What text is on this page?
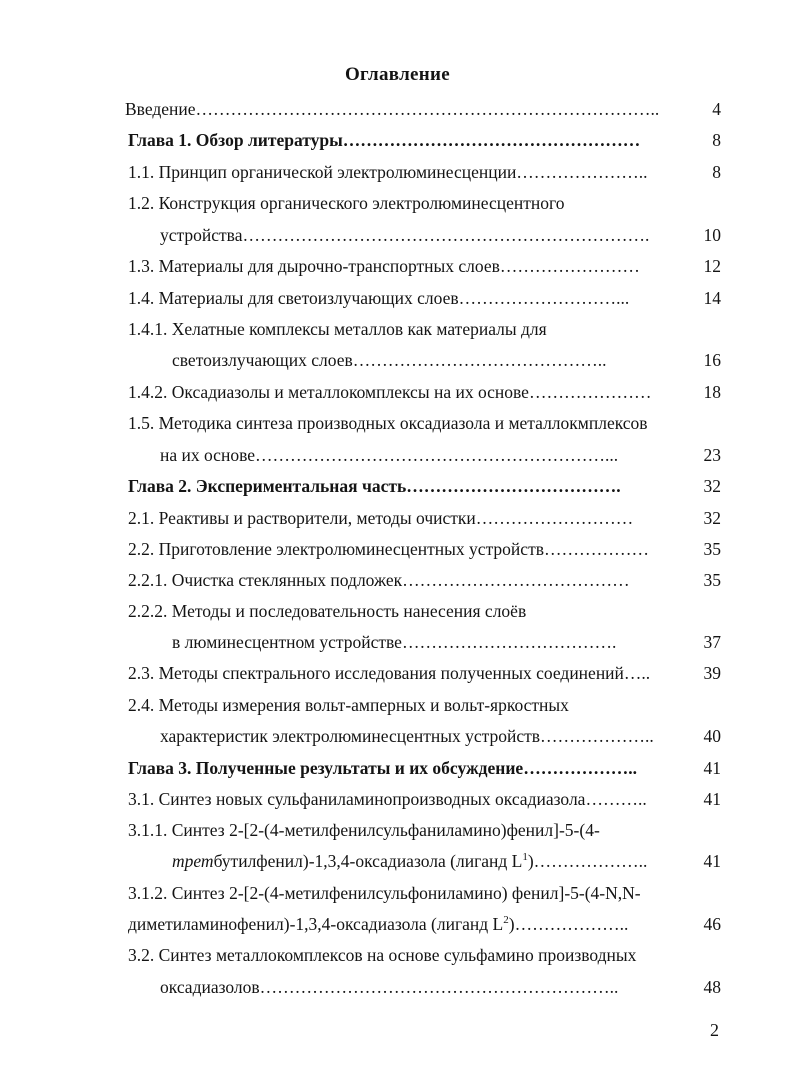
Оглавление
Введение……………………………………………………………………..	4
Глава 1. Обзор литературы……………………………………………	8
1.1. Принцип органической электролюминесценции…………………..	8
1.2. Конструкция органического электролюминесцентного
устройства…………………………………………………………….	10
1.3. Материалы для дырочно-транспортных слоев……………………	12
1.4. Материалы для светоизлучающих слоев………………………...	14
1.4.1. Хелатные комплексы металлов как материалы для
светоизлучающих слоев……………………………………..	16
1.4.2. Оксадиазолы и металлокомплексы на их основе…………………	18
1.5. Методика синтеза производных оксадиазола и металлокмплексов
на их основе……………………………………………………...	23
Глава 2. Экспериментальная часть……………………………….	32
2.1. Реактивы и растворители, методы очистки………………………	32
2.2. Приготовление электролюминесцентных устройств………………	35
2.2.1. Очистка стеклянных подложек…………………………………	35
2.2.2. Методы и последовательность нанесения слоёв
в люминесцентном устройстве……………………………….	37
2.3. Методы спектрального исследования полученных соединений…..	39
2.4. Методы измерения вольт-амперных и вольт-яркостных
характеристик электролюминесцентных устройств………………..	40
Глава 3. Полученные результаты и их обсуждение………………..	41
3.1. Синтез новых сульфаниламинопроизводных оксадиазола………..	41
3.1.1. Синтез 2-[2-(4-метилфенилсульфаниламино)фенил]-5-(4-
третбутилфенил)-1,3,4-оксадиазола (лиганд $L^1)\dots\dots\dots\dots\dots\dots$..	41
3.1.2. Синтез 2-[2-(4-метилфенилсульфониламино) фенил]-5-(4-N,N-
диметиламинофенил)-1,3,4-оксадиазола (лиганд $L^2)\dots\dots\dots\dots\dots\dots$..	46
3.2. Синтез металлокомплексов на основе сульфамино производных
оксадиазолов……………………………………………………..	48
2
